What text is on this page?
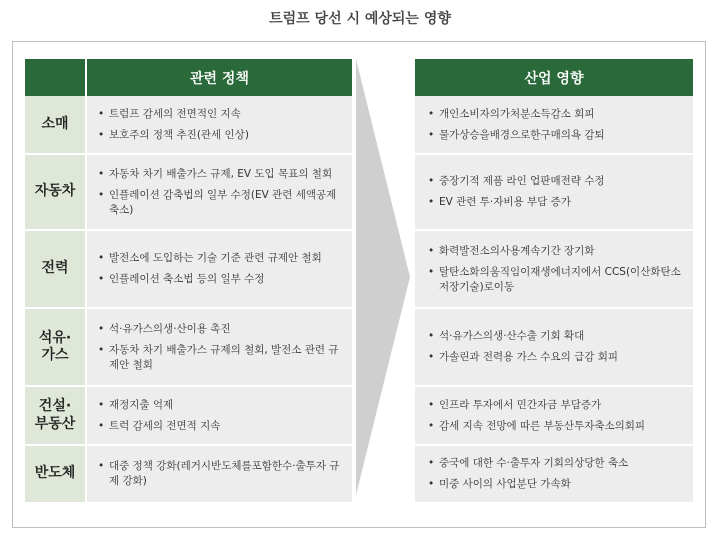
트럼프 당선 시 예상되는 영향
관련 정책
소매
• 트럼프 감세의 전면적인 지속
• 보호주의 정책 추진(관세 인상)
자동차
• 자동차 차기 배출가스 규제, EV 도입 목표의 철회
• 인플레이션 감축법의 일부 수정(EV 관련 세액공제 축소)
전력
• 발전소에 도입하는 기술 기준 관련 규제안 철회
• 인플레이션 축소법 등의 일부 수정
석유·
가스
• 석·유가스의생·산이용 촉진
• 자동차 차기 배출가스 규제의 철회, 발전소 관련 규제안 철회
건설·
부동산
• 재정지출 억제
• 트럭 감세의 전면적 지속
반도체
•	대중 정책 강화(레거시반도체를포함한수·출투자 규제 강화)
산업 영향
• 개인소비자의가처분소득감소 회피
• 물가상승을배경으로한구매의욕 감퇴
• 중장기적 제품 라인 업판매전략 수정
• EV 관련 투·자비용 부담 증가
• 화력발전소의사용계속기간 장기화
• 탈탄소화의움직임이재생에너지에서 CCS(이산화탄소저장기술)로이동
• 석·유가스의생·산수출 기회 확대
• 가솔린과 전력용 가스 수요의 급감 회피
• 인프라 투자에서 민간자금 부담증가
• 감세 지속 전망에 따른 부동산투자축소의회피
• 중국에 대한 수·출투자 기회의상당한 축소
• 미중 사이의 사업분단 가속화
